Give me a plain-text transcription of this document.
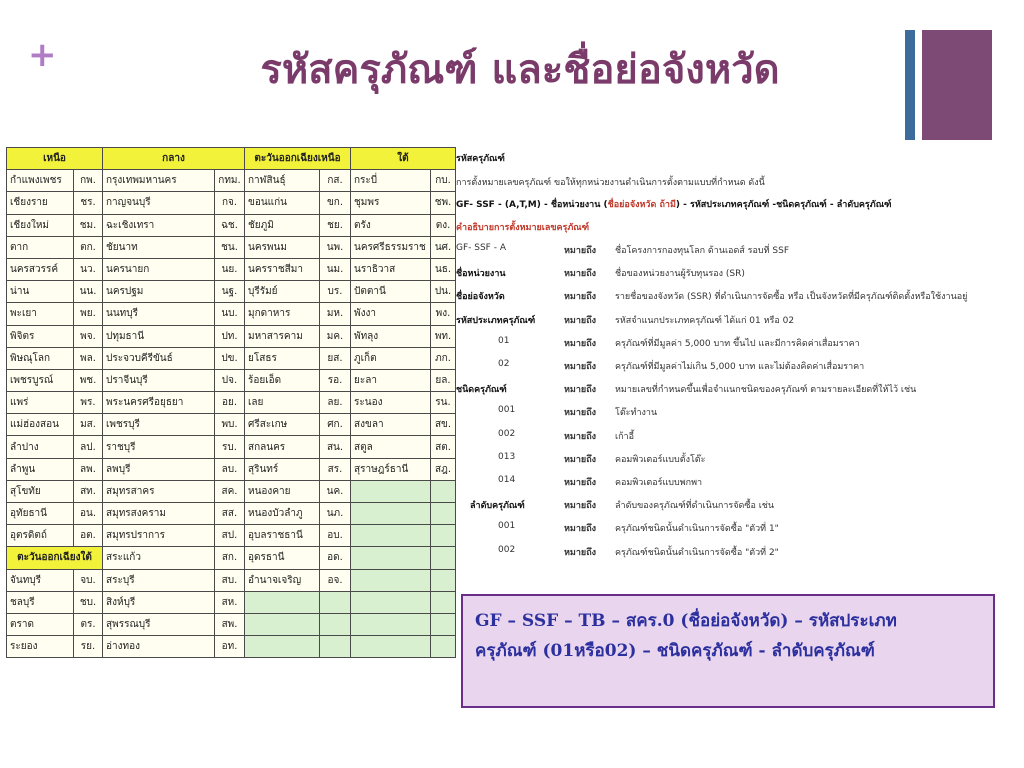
+	รหัสครุภัณฑ์ และชื่อย่อจังหวัด
เหนือ		กลาง		ตะวันออกเฉียงเหนือ		ใต้	
กำแพงเพชร	กพ.	กรุงเทพมหานคร	กทม.	กาฬสินธุ์	กส.	กระบี่	กบ.
เชียงราย	ชร.	กาญจนบุรี	กจ.	ขอนแก่น	ขก.	ชุมพร	ชพ.
เชียงใหม่	ชม.	ฉะเชิงเทรา	ฉช.	ชัยภูมิ	ชย.	ตรัง	ตง.
ตาก	ตก.	ชัยนาท	ชน.	นครพนม	นพ.	นครศรีธรรมราช	นศ.
นครสวรรค์	นว.	นครนายก	นย.	นครราชสีมา	นม.	นราธิวาส	นธ.
น่าน	นน.	นครปฐม	นฐ.	บุรีรัมย์	บร.	ปัตตานี	ปน.
พะเยา	พย.	นนทบุรี	นบ.	มุกดาหาร	มห.	พังงา	พง.
พิจิตร	พจ.	ปทุมธานี	ปท.	มหาสารคาม	มค.	พัทลุง	พท.
พิษณุโลก	พล.	ประจวบคีรีขันธ์	ปข.	ยโสธร	ยส.	ภูเก็ต	ภก.
เพชรบูรณ์	พช.	ปราจีนบุรี	ปจ.	ร้อยเอ็ด	รอ.	ยะลา	ยล.
แพร่	พร.	พระนครศรีอยุธยา	อย.	เลย	ลย.	ระนอง	รน.
แม่ฮ่องสอน	มส.	เพชรบุรี	พบ.	ศรีสะเกษ	ศก.	สงขลา	สข.
ลำปาง	ลป.	ราชบุรี	รบ.	สกลนคร	สน.	สตูล	สต.
ลำพูน	ลพ.	ลพบุรี	ลบ.	สุรินทร์	สร.	สุราษฎร์ธานี	สฎ.
สุโขทัย	สท.	สมุทรสาคร	สค.	หนองคาย	นค.		
อุทัยธานี	อน.	สมุทรสงคราม	สส.	หนองบัวลำภู	นภ.		
อุตรดิตถ์	อต.	สมุทรปราการ	สป.	อุบลราชธานี	อบ.		
ตะวันออกเฉียงใต้		สระแก้ว	สก.	อุดรธานี	อด.		
จันทบุรี	จบ.	สระบุรี	สบ.	อำนาจเจริญ	อจ.		
ชลบุรี	ชบ.	สิงห์บุรี	สห.				
ตราด	ตร.	สุพรรณบุรี	สพ.				
ระยอง	รย.	อ่างทอง	อท.				
รหัสครุภัณฑ์
การตั้งหมายเลขครุภัณฑ์ ขอให้ทุกหน่วยงานดำเนินการตั้งตามแบบที่กำหนด ดังนี้
GF- SSF - (A,T,M) - ชื่อหน่วยงาน (ชื่อย่อจังหวัด ถ้ามี) - รหัสประเภทครุภัณฑ์ -ชนิดครุภัณฑ์ - ลำดับครุภัณฑ์
คำอธิบายการตั้งหมายเลขครุภัณฑ์
GF- SSF - A	หมายถึง ชื่อโครงการกองทุนโลก ด้านเอดส์ รอบที่ SSF
ชื่อหน่วยงาน	หมายถึง ชื่อของหน่วยงานผู้รับทุนรอง (SR)
ชื่อย่อจังหวัด	หมายถึง รายชื่อของจังหวัด (SSR) ที่ดำเนินการจัดซื้อ หรือ เป็นจังหวัดที่มีครุภัณฑ์ติดตั้งหรือใช้งานอยู่
รหัสประเภทครุภัณฑ์	หมายถึง รหัสจำแนกประเภทครุภัณฑ์ ได้แก่ 01 หรือ 02
01	หมายถึง ครุภัณฑ์ที่มีมูลค่า 5,000 บาท ขึ้นไป และมีการคิดค่าเสื่อมราคา
02	หมายถึง ครุภัณฑ์ที่มีมูลค่าไม่เกิน 5,000 บาท และไม่ต้องคิดค่าเสื่อมราคา
ชนิดครุภัณฑ์	หมายถึง หมายเลขที่กำหนดขึ้นเพื่อจำแนกชนิดของครุภัณฑ์ ตามรายละเอียดที่ให้ไว้ เช่น
001	หมายถึง โต๊ะทำงาน
002	หมายถึง เก้าอี้
013	หมายถึง คอมพิวเตอร์แบบตั้งโต๊ะ
014	หมายถึง คอมพิวเตอร์แบบพกพา
ลำดับครุภัณฑ์	หมายถึง ลำดับของครุภัณฑ์ที่ดำเนินการจัดซื้อ เช่น
001	หมายถึง ครุภัณฑ์ชนิดนั้นดำเนินการจัดซื้อ "ตัวที่ 1"
002	หมายถึง ครุภัณฑ์ชนิดนั้นดำเนินการจัดซื้อ "ตัวที่ 2"
GF – SSF – TB – สคร.0 (ชื่อย่อจังหวัด) – รหัสประเภท
ครุภัณฑ์ (01หรือ02) – ชนิดครุภัณฑ์ - ลำดับครุภัณฑ์
